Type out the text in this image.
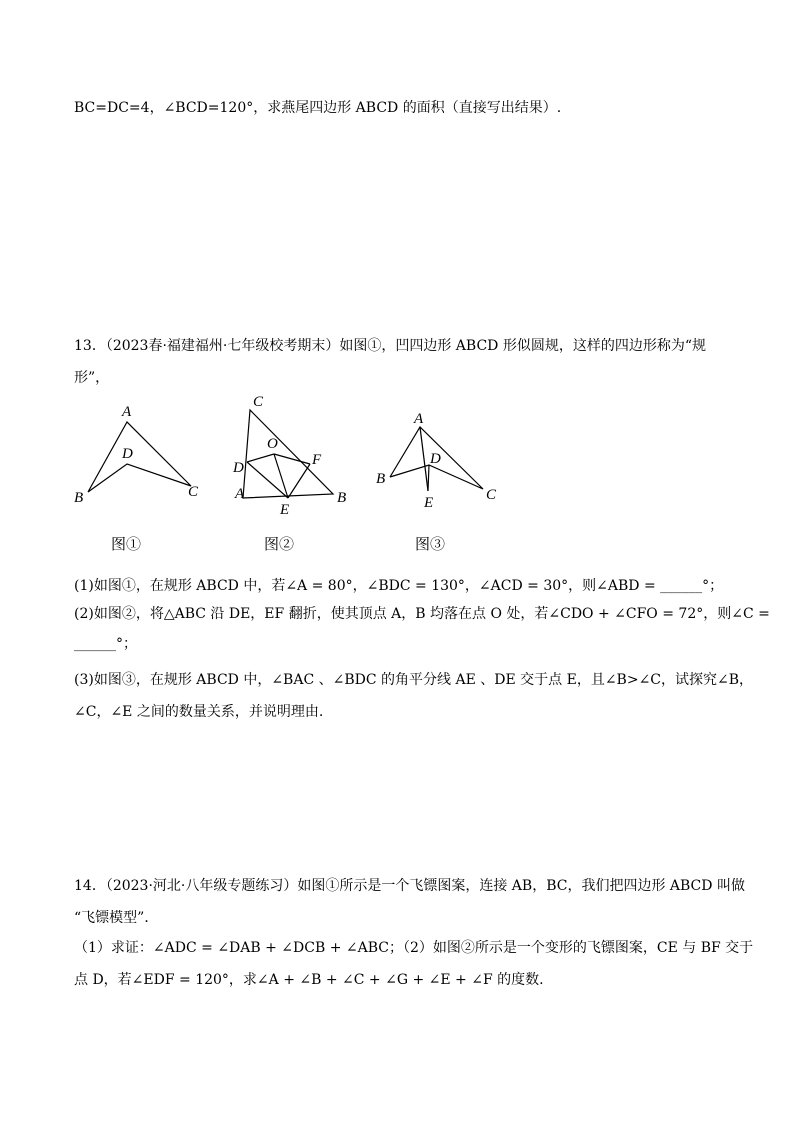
BC=DC=4，∠BCD=120°，求燕尾四边形 ABCD 的面积（直接写出结果）.
13．（2023春·福建福州·七年级校考期末）如图①，凹四边形 ABCD 形似圆规，这样的四边形称为“规
形”，
A
B	C
D
图①
A	B
C
D
E
F
O
图②
A
B
C
D
E
图③
(1)如图①，在规形 ABCD 中，若∠A = 80°，∠BDC = 130°，∠ACD = 30°，则∠ABD = ______°；
(2)如图②，将△ABC 沿 DE，EF 翻折，使其顶点 A，B 均落在点 O 处，若∠CDO + ∠CFO = 72°，则∠C =
______°；
(3)如图③，在规形 ABCD 中，∠BAC 、∠BDC 的角平分线 AE 、DE 交于点 E，且∠B>∠C，试探究∠B，
∠C，∠E 之间的数量关系，并说明理由.
14．（2023·河北·八年级专题练习）如图①所示是一个飞镖图案，连接 AB，BC，我们把四边形 ABCD 叫做
“飞镖模型”．
（1）求证：∠ADC = ∠DAB + ∠DCB + ∠ABC；（2）如图②所示是一个变形的飞镖图案，CE 与 BF 交于
点 D，若∠EDF = 120°，求∠A + ∠B + ∠C + ∠G + ∠E + ∠F 的度数.
